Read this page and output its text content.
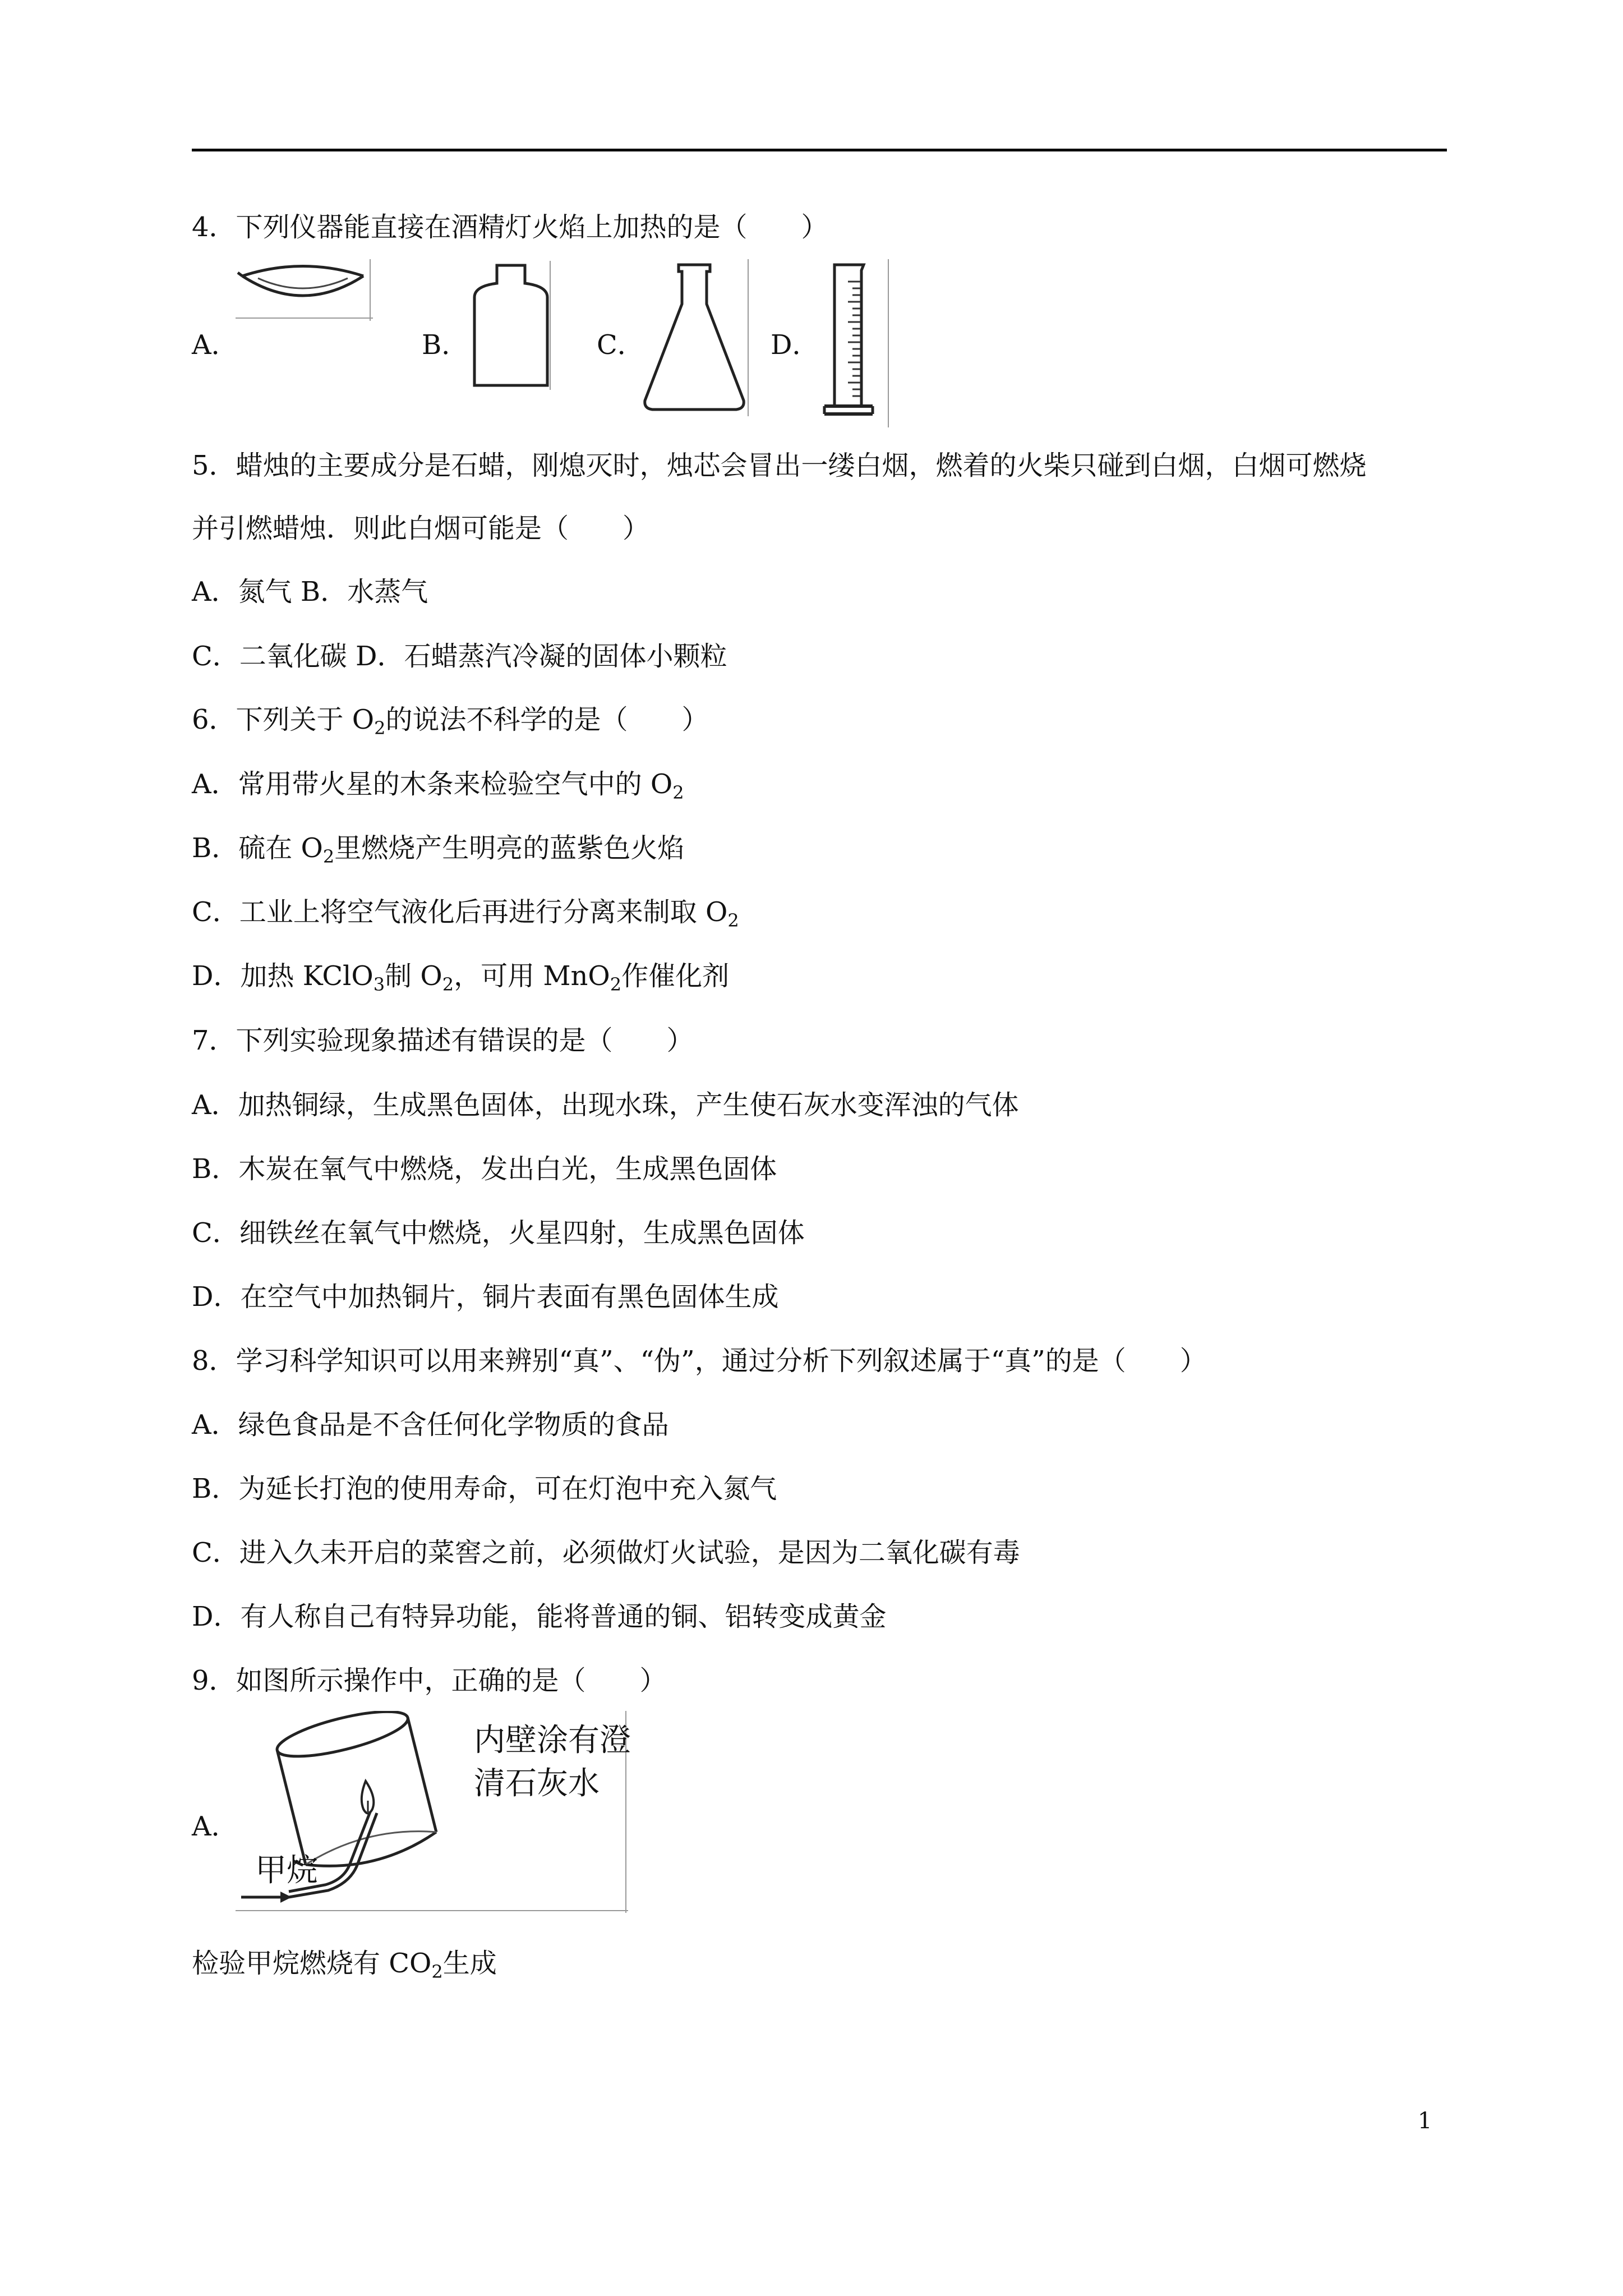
4．下列仪器能直接在酒精灯火焰上加热的是（　　）
A．	B．	C．	D．
5．蜡烛的主要成分是石蜡，刚熄灭时，烛芯会冒出一缕白烟，燃着的火柴只碰到白烟，白烟可燃烧
并引燃蜡烛．则此白烟可能是（　　）
A．氮气 B．水蒸气
C．二氧化碳 D．石蜡蒸汽冷凝的固体小颗粒
6．下列关于 $O_2$的说法不科学的是（　　）
A．常用带火星的木条来检验空气中的 $O_2$
B．硫在 $O_2$里燃烧产生明亮的蓝紫色火焰
C．工业上将空气液化后再进行分离来制取 $O_2$
D．加热 KClO$_3$制 $O_2$，可用 MnO$_2$作催化剂
7．下列实验现象描述有错误的是（　　）
A．加热铜绿，生成黑色固体，出现水珠，产生使石灰水变浑浊的气体
B．木炭在氧气中燃烧，发出白光，生成黑色固体
C．细铁丝在氧气中燃烧，火星四射，生成黑色固体
D．在空气中加热铜片，铜片表面有黑色固体生成
8．学习科学知识可以用来辨别“真”、“伪”，通过分析下列叙述属于“真”的是（　　）
A．绿色食品是不含任何化学物质的食品
B．为延长打泡的使用寿命，可在灯泡中充入氮气
C．进入久未开启的菜窖之前，必须做灯火试验，是因为二氧化碳有毒
D．有人称自己有特异功能，能将普通的铜、铝转变成黄金
9．如图所示操作中，正确的是（　　）
A．
内壁涂有澄
清石灰水
甲烷
检验甲烷燃烧有 $CO_2$生成
1
